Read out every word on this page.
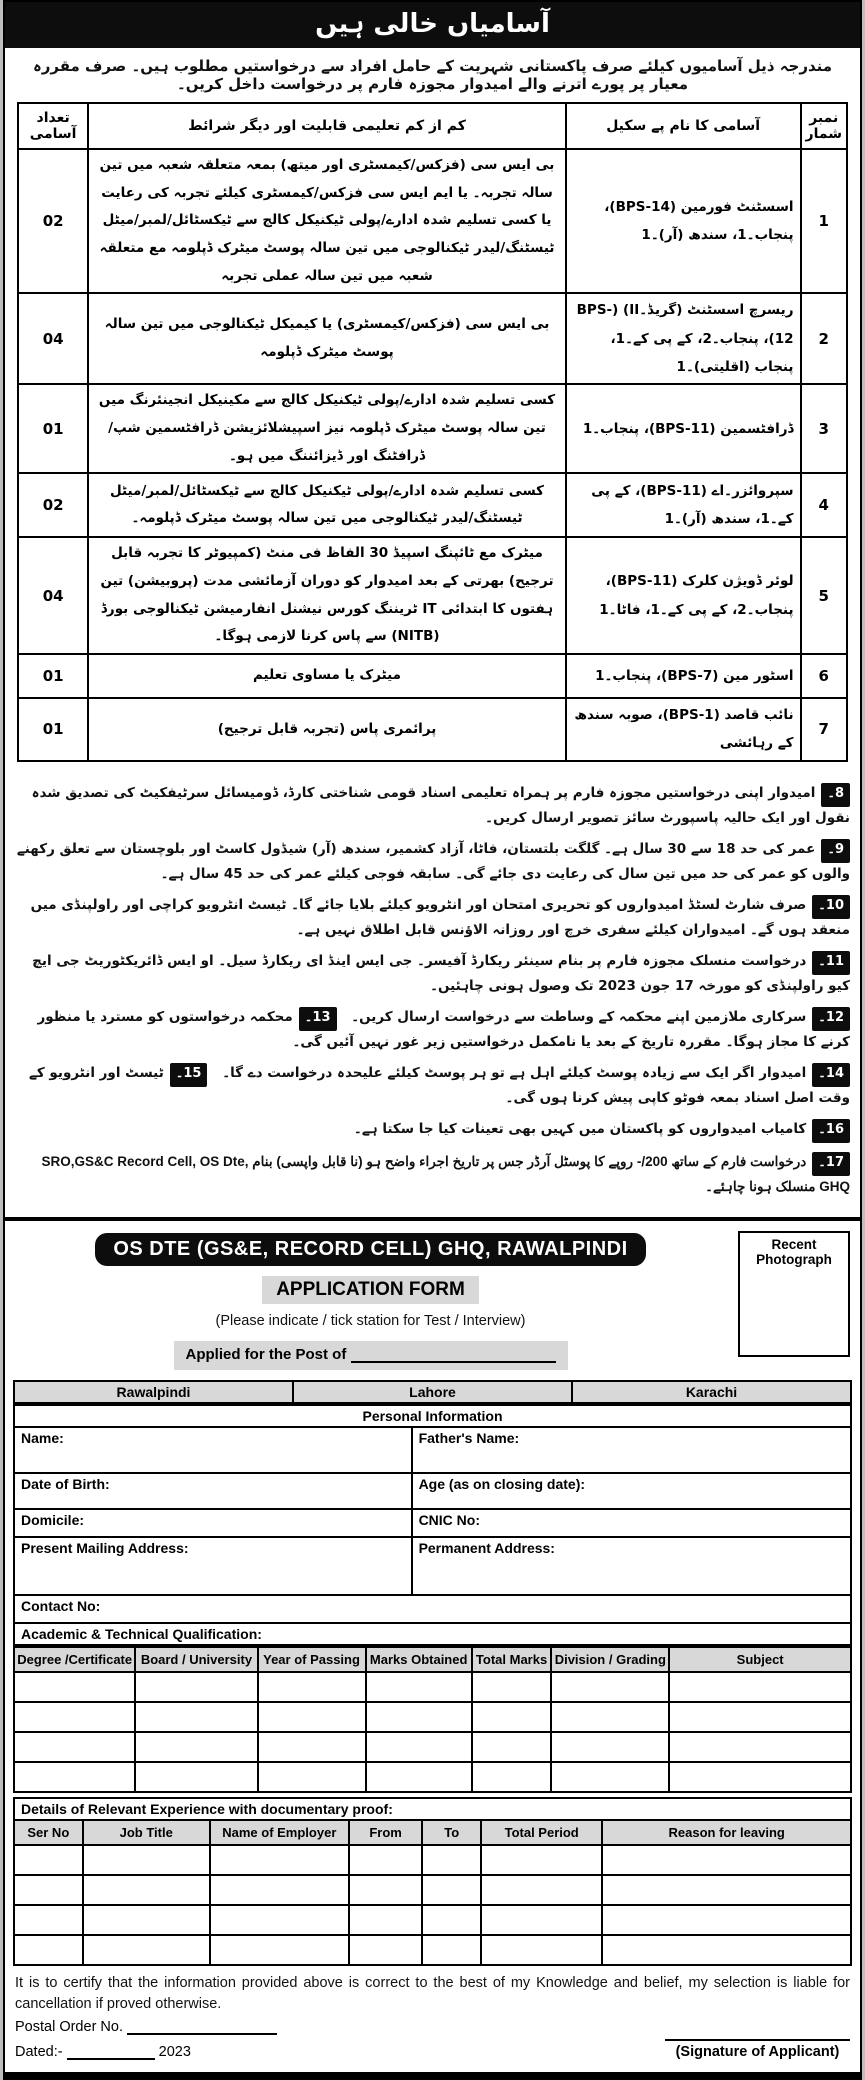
آسامیاں خالی ہیں
مندرجہ ذیل آسامیوں کیلئے صرف پاکستانی شہریت کے حامل افراد سے درخواستیں مطلوب ہیں۔ صرف مقررہ معیار پر پورے اترنے والے امیدوار مجوزہ فارم پر درخواست داخل کریں۔
نمبر شمار	آسامی کا نام پے سکیل	کم از کم تعلیمی قابلیت اور دیگر شرائط	تعداد آسامی
1	اسسٹنٹ فورمین (BPS-14)، پنجاب۔1، سندھ (آر)۔1	بی ایس سی (فزکس/کیمسٹری اور میتھ) بمعہ متعلقہ شعبہ میں تین سالہ تجربہ۔ یا ایم ایس سی فزکس/کیمسٹری کیلئے تجربہ کی رعایت یا کسی تسلیم شدہ ادارے/پولی ٹیکنیکل کالج سے ٹیکسٹائل/لمبر/میٹل ٹیسٹنگ/لیدر ٹیکنالوجی میں تین سالہ پوسٹ میٹرک ڈپلومہ مع متعلقہ شعبہ میں تین سالہ عملی تجربہ	02
2	ریسرچ اسسٹنٹ (گریڈ۔II) (BPS-12)، پنجاب۔2، کے پی کے۔1، پنجاب (اقلیتی)۔1	بی ایس سی (فزکس/کیمسٹری) یا کیمیکل ٹیکنالوجی میں تین سالہ پوسٹ میٹرک ڈپلومہ	04
3	ڈرافٹسمین (BPS-11)، پنجاب۔1	کسی تسلیم شدہ ادارے/پولی ٹیکنیکل کالج سے مکینیکل انجینئرنگ میں تین سالہ پوسٹ میٹرک ڈپلومہ نیز اسپیشلائزیشن ڈرافٹسمین شپ/ڈرافٹنگ اور ڈیزائننگ میں ہو۔	01
4	سپروائزر۔اے (BPS-11)، کے پی کے۔1، سندھ (آر)۔1	کسی تسلیم شدہ ادارے/پولی ٹیکنیکل کالج سے ٹیکسٹائل/لمبر/میٹل ٹیسٹنگ/لیدر ٹیکنالوجی میں تین سالہ پوسٹ میٹرک ڈپلومہ۔	02
5	لوئر ڈویژن کلرک (BPS-11)، پنجاب۔2، کے پی کے۔1، فاٹا۔1	میٹرک مع ٹائپنگ اسپیڈ 30 الفاظ فی منٹ (کمپیوٹر کا تجربہ قابل ترجیح) بھرتی کے بعد امیدوار کو دوران آزمائشی مدت (پروبیشن) تین ہفتوں کا ابتدائی IT ٹریننگ کورس نیشنل انفارمیشن ٹیکنالوجی بورڈ (NITB) سے پاس کرنا لازمی ہوگا۔	04
6	اسٹور مین (BPS-7)، پنجاب۔1	میٹرک یا مساوی تعلیم	01
7	نائب قاصد (BPS-1)، صوبہ سندھ کے رہائشی	پرائمری پاس (تجربہ قابل ترجیح)	01
8۔امیدوار اپنی درخواستیں مجوزہ فارم پر ہمراہ تعلیمی اسناد قومی شناختی کارڈ، ڈومیسائل سرٹیفکیٹ کی تصدیق شدہ نقول اور ایک حالیہ پاسپورٹ سائز تصویر ارسال کریں۔
9۔عمر کی حد 18 سے 30 سال ہے۔ گلگت بلتستان، فاٹا، آزاد کشمیر، سندھ (آر) شیڈول کاسٹ اور بلوچستان سے تعلق رکھنے والوں کو عمر کی حد میں تین سال کی رعایت دی جائے گی۔ سابقہ فوجی کیلئے عمر کی حد 45 سال ہے۔
10۔صرف شارٹ لسٹڈ امیدواروں کو تحریری امتحان اور انٹرویو کیلئے بلایا جائے گا۔ ٹیسٹ انٹرویو کراچی اور راولپنڈی میں منعقد ہوں گے۔ امیدواران کیلئے سفری خرچ اور روزانہ الاؤنس قابل اطلاق نہیں ہے۔
11۔درخواست منسلک مجوزہ فارم پر بنام سینئر ریکارڈ آفیسر۔ جی ایس اینڈ ای ریکارڈ سیل۔ او ایس ڈائریکٹوریٹ جی ایچ کیو راولپنڈی کو مورخہ 17 جون 2023 تک وصول ہونی چاہئیں۔
12۔سرکاری ملازمین اپنے محکمہ کے وساطت سے درخواست ارسال کریں۔ 13۔محکمہ درخواستوں کو مسترد یا منظور کرنے کا مجاز ہوگا۔ مقررہ تاریخ کے بعد یا نامکمل درخواستیں زیر غور نہیں آئیں گی۔
14۔امیدوار اگر ایک سے زیادہ پوسٹ کیلئے اہل ہے تو ہر پوسٹ کیلئے علیحدہ درخواست دے گا۔ 15۔ٹیسٹ اور انٹرویو کے وقت اصل اسناد بمعہ فوٹو کاپی پیش کرنا ہوں گی۔
16۔کامیاب امیدواروں کو پاکستان میں کہیں بھی تعینات کیا جا سکتا ہے۔
17۔درخواست فارم کے ساتھ 200/- روپے کا پوسٹل آرڈر جس پر تاریخ اجراء واضح ہو (نا قابل واپسی) بنام SRO,GS&C Record Cell, OS Dte, GHQ منسلک ہونا چاہئے۔
OS DTE (GS&E, RECORD CELL) GHQ, RAWALPINDI
APPLICATION FORM
(Please indicate / tick station for Test / Interview)
Applied for the Post of
Recent Photograph
Rawalpindi	Lahore	Karachi
Personal Information	
Name:	Father's Name:
Date of Birth:	Age (as on closing date):
Domicile:	CNIC No:
Present Mailing Address:	Permanent Address:
Contact No:	
Academic & Technical Qualification:	
Degree /Certificate	Board / University	Year of Passing	Marks Obtained	Total Marks	Division / Grading	Subject

Details of Relevant Experience with documentary proof:						
Ser No	Job Title	Name of Employer	From	To	Total Period	Reason for leaving

It is to certify that the information provided above is correct to the best of my Knowledge and belief, my selection is liable for cancellation if proved otherwise.
Postal Order No.
Dated:-	2023	(Signature of Applicant)
